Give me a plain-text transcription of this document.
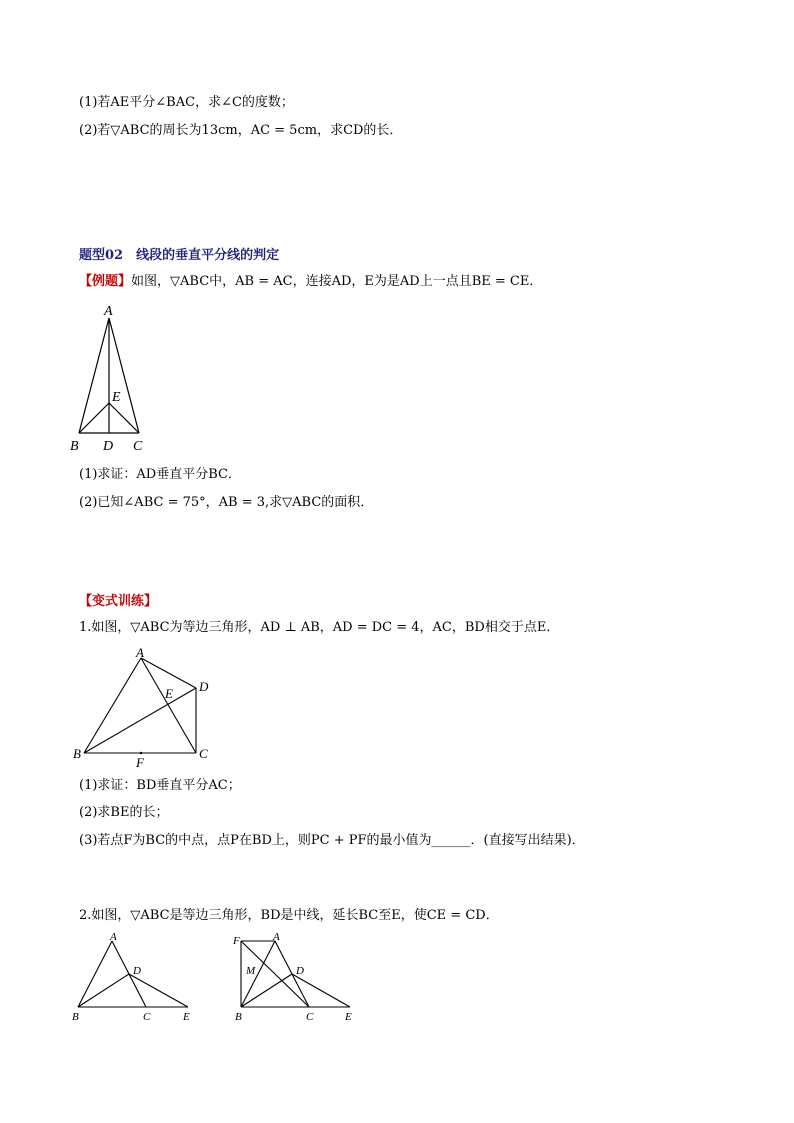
(1)若AE平分∠BAC，求∠C的度数；
(2)若▽ABC的周长为13cm，AC = 5cm，求CD的长．
题型02　线段的垂直平分线的判定
【例题】如图，▽ABC中，AB = AC，连接AD，E为是AD上一点且BE = CE．
A
E
B D C
(1)求证：AD垂直平分BC．
(2)已知∠ABC = 75°，AB = 3,求▽ABC的面积．
【变式训练】
1.如图，▽ABC为等边三角形，AD ⊥ AB，AD = DC = 4，AC，BD相交于点E．
A
E D
B	C
F
(1)求证：BD垂直平分AC；
(2)求BE的长；
(3)若点F为BC的中点，点P在BD上，则PC + PF的最小值为______．(直接写出结果)．
2.如图，▽ABC是等边三角形，BD是中线，延长BC至E，使CE = CD．
A
D
B	C	E
F	A
M	D
B	C	E
